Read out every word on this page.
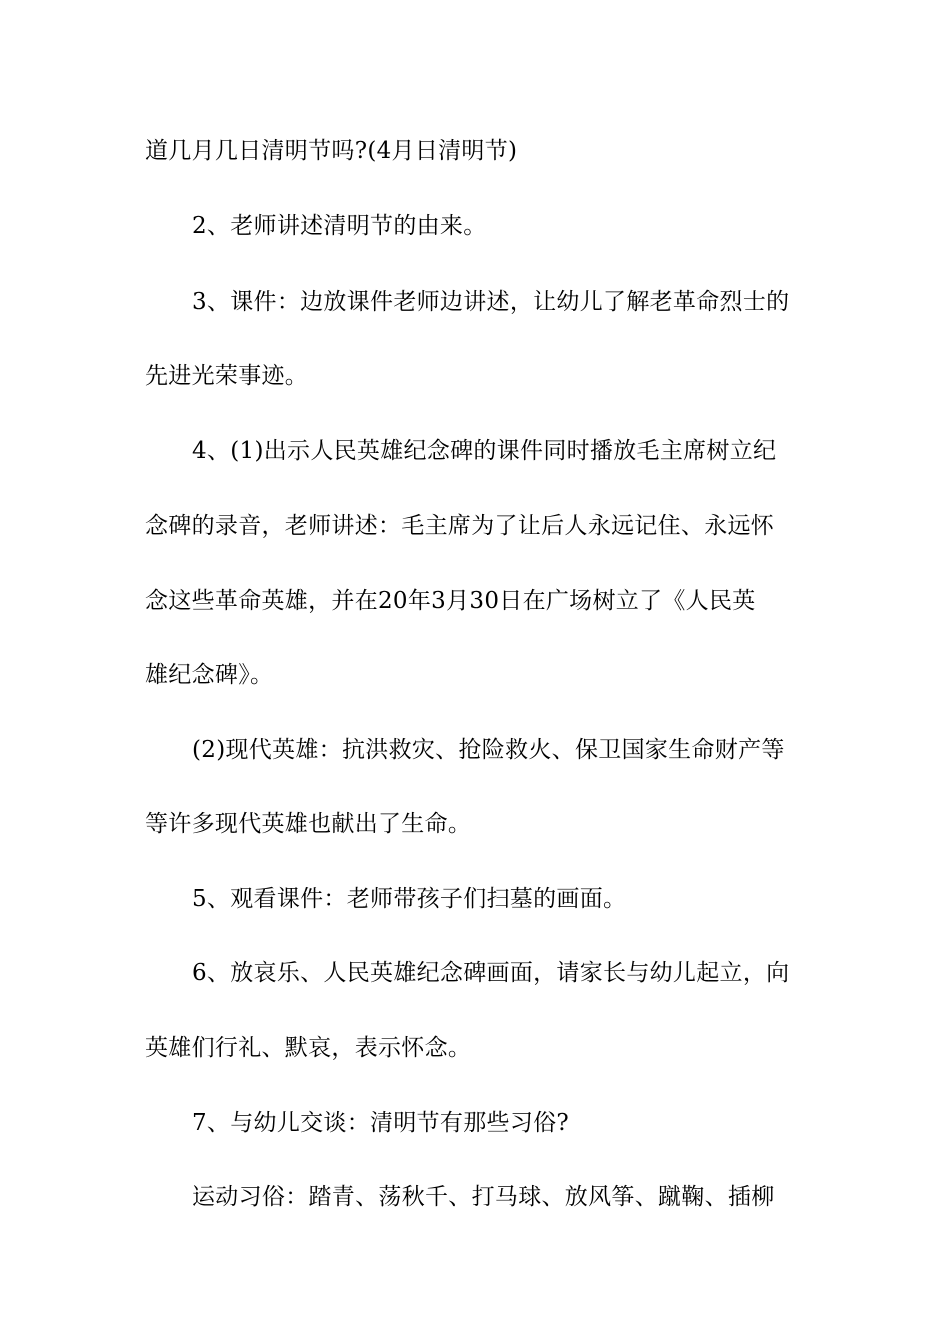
道几月几日清明节吗?(4月日清明节)
2、老师讲述清明节的由来。
3、课件：边放课件老师边讲述，让幼儿了解老革命烈士的
先进光荣事迹。
4、(1)出示人民英雄纪念碑的课件同时播放毛主席树立纪
念碑的录音，老师讲述：毛主席为了让后人永远记住、永远怀
念这些革命英雄，并在20年3月30日在广场树立了《人民英
雄纪念碑》。
(2)现代英雄：抗洪救灾、抢险救火、保卫国家生命财产等
等许多现代英雄也献出了生命。
5、观看课件：老师带孩子们扫墓的画面。
6、放哀乐、人民英雄纪念碑画面，请家长与幼儿起立，向
英雄们行礼、默哀，表示怀念。
7、与幼儿交谈：清明节有那些习俗?
运动习俗：踏青、荡秋千、打马球、放风筝、蹴鞠、插柳
